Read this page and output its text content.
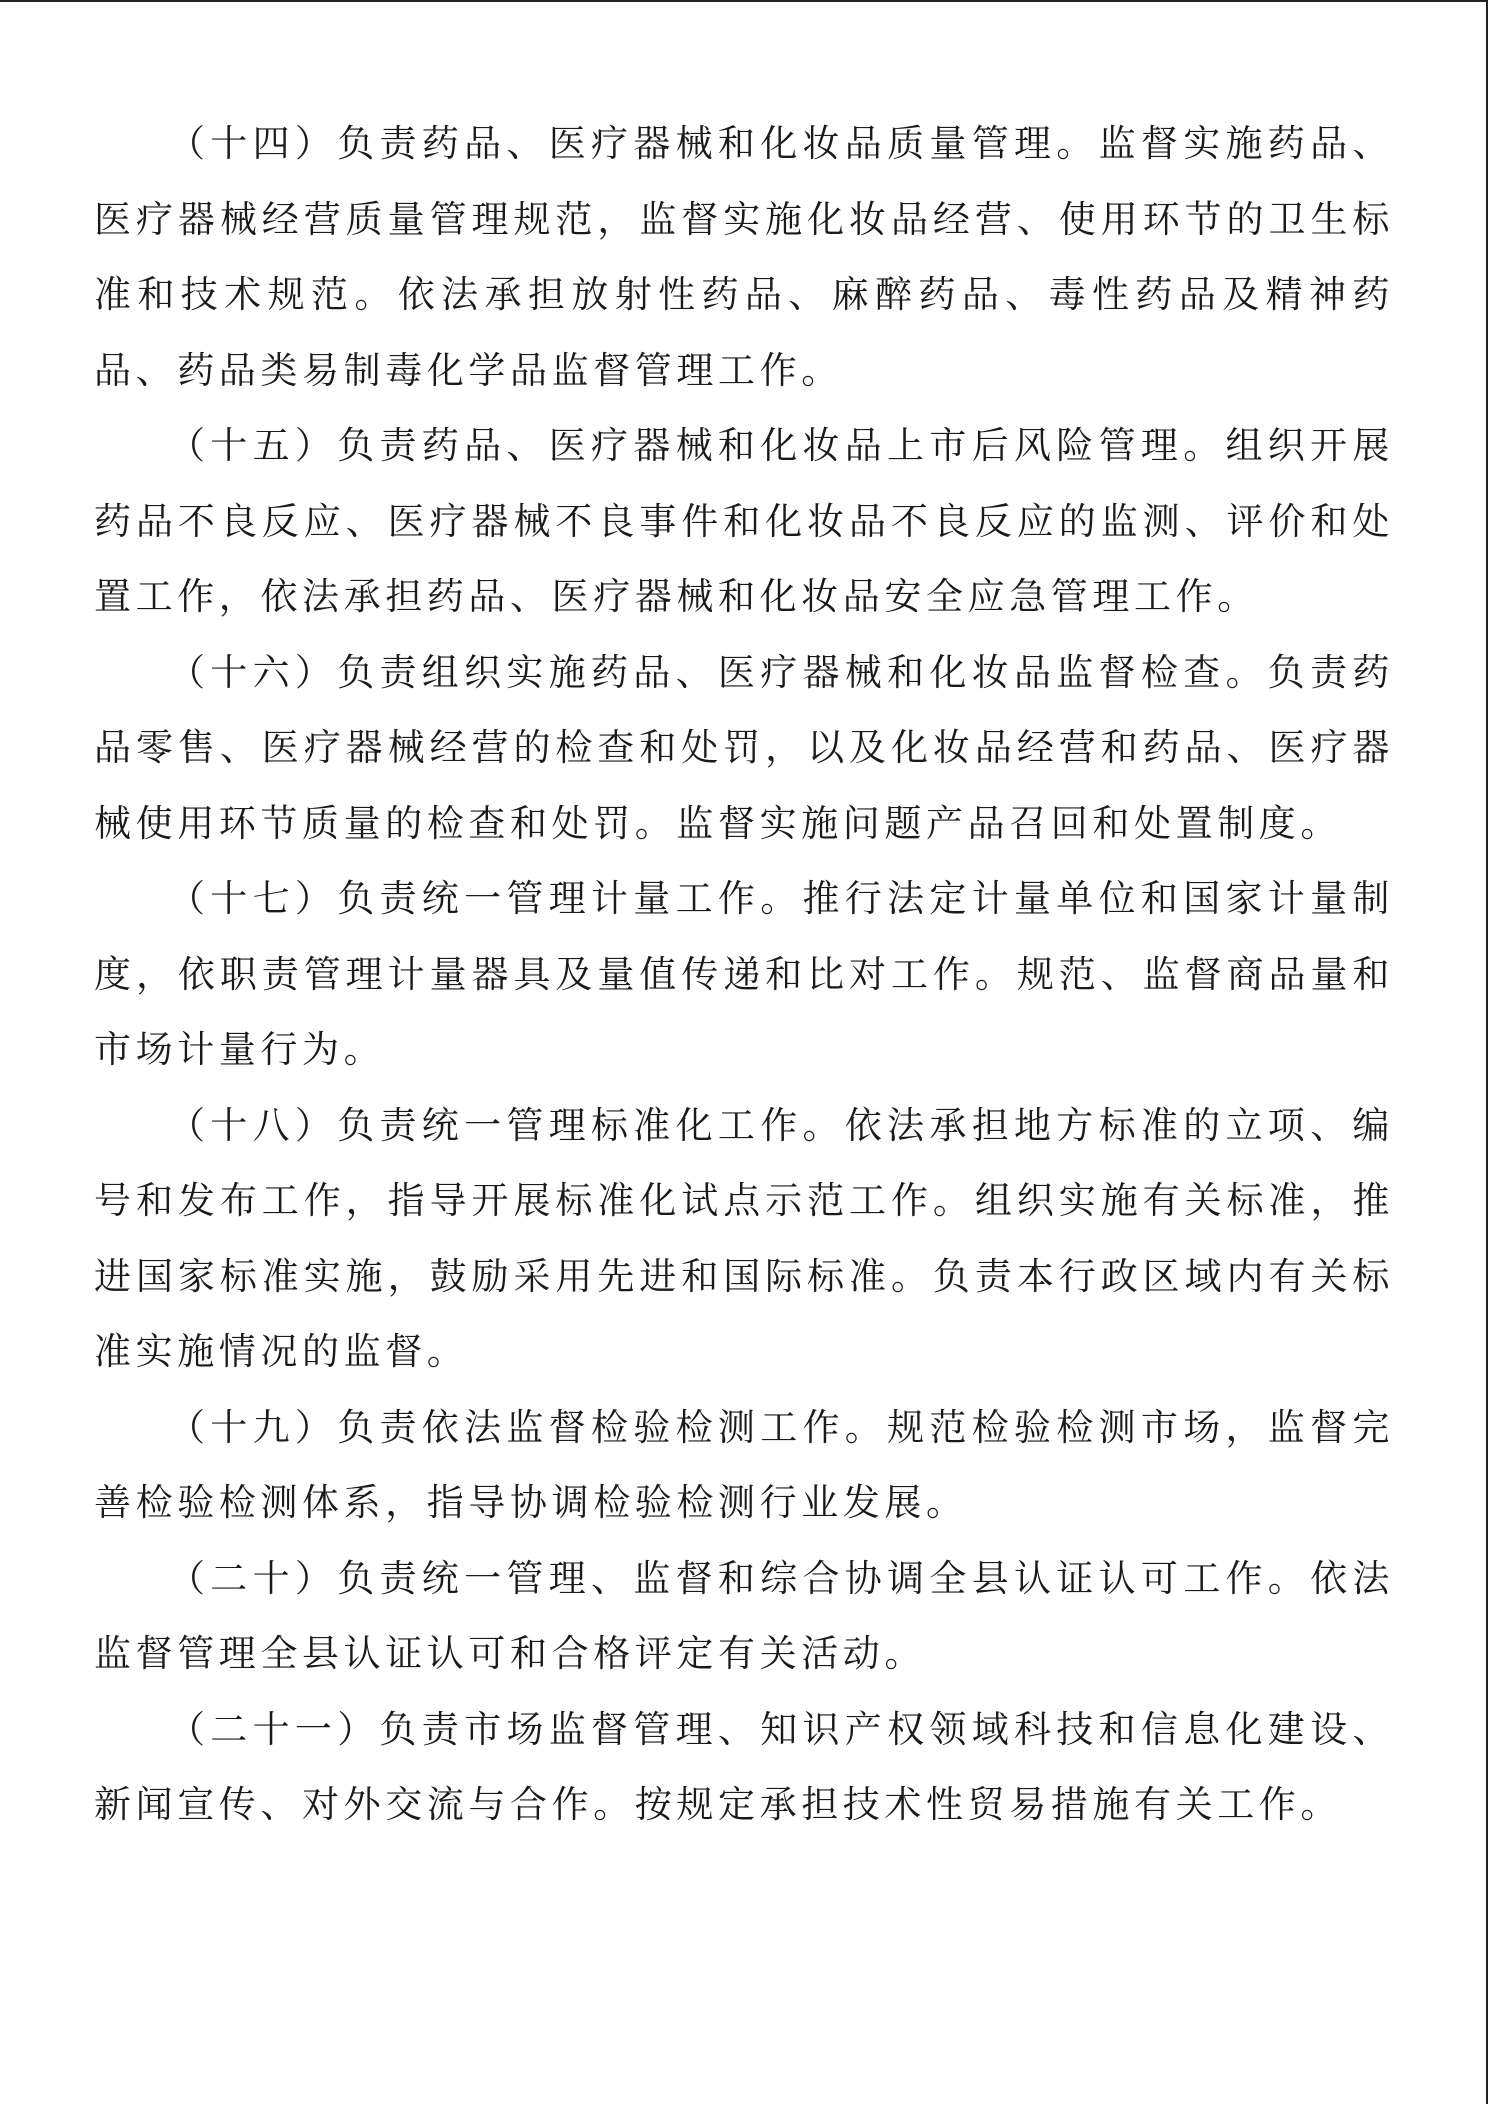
（十四）负责药品、医疗器械和化妆品质量管理。监督实施药品、医疗器械经营质量管理规范，监督实施化妆品经营、使用环节的卫生标准和技术规范。依法承担放射性药品、麻醉药品、毒性药品及精神药品、药品类易制毒化学品监督管理工作。

（十五）负责药品、医疗器械和化妆品上市后风险管理。组织开展药品不良反应、医疗器械不良事件和化妆品不良反应的监测、评价和处置工作，依法承担药品、医疗器械和化妆品安全应急管理工作。

（十六）负责组织实施药品、医疗器械和化妆品监督检查。负责药品零售、医疗器械经营的检查和处罚，以及化妆品经营和药品、医疗器械使用环节质量的检查和处罚。监督实施问题产品召回和处置制度。

（十七）负责统一管理计量工作。推行法定计量单位和国家计量制度，依职责管理计量器具及量值传递和比对工作。规范、监督商品量和市场计量行为。

（十八）负责统一管理标准化工作。依法承担地方标准的立项、编号和发布工作，指导开展标准化试点示范工作。组织实施有关标准，推进国家标准实施，鼓励采用先进和国际标准。负责本行政区域内有关标准实施情况的监督。

（十九）负责依法监督检验检测工作。规范检验检测市场，监督完善检验检测体系，指导协调检验检测行业发展。

（二十）负责统一管理、监督和综合协调全县认证认可工作。依法监督管理全县认证认可和合格评定有关活动。

（二十一）负责市场监督管理、知识产权领域科技和信息化建设、新闻宣传、对外交流与合作。按规定承担技术性贸易措施有关工作。
